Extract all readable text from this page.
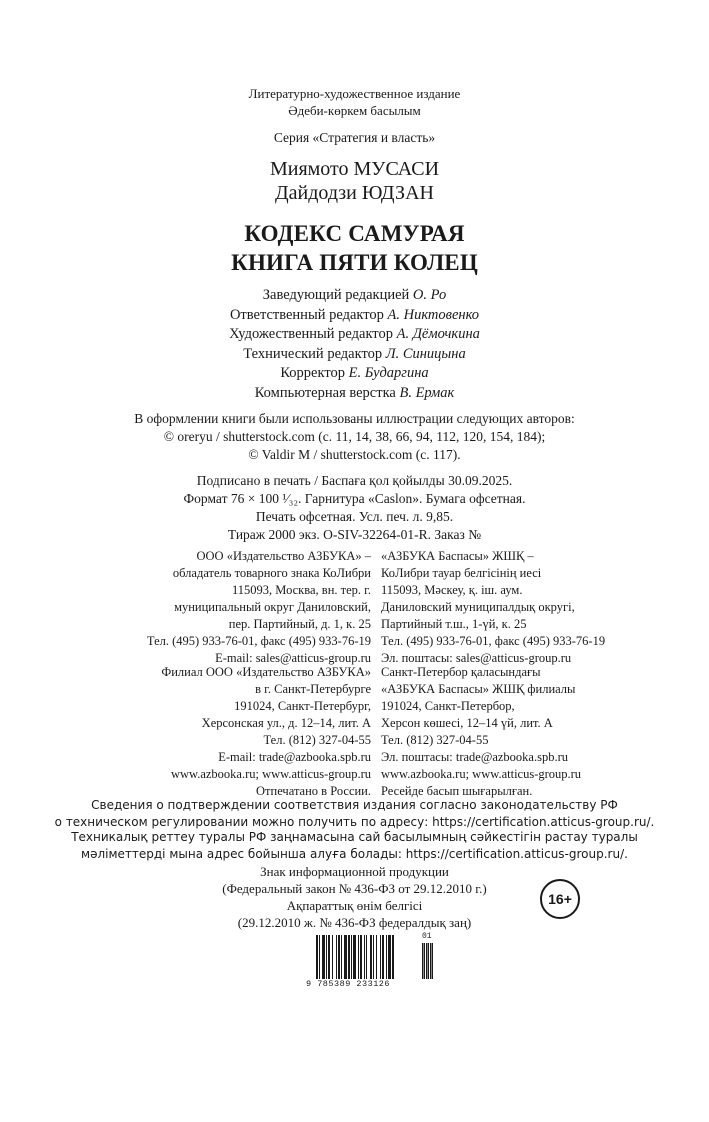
Литературно-художественное издание
Әдеби-көркем басылым
Серия «Стратегия и власть»
Миямото МУСАСИ
Дайдодзи ЮДЗАН
КОДЕКС САМУРАЯ
КНИГА ПЯТИ КОЛЕЦ
Заведующий редакцией О. Ро
Ответственный редактор А. Никтовенко
Художественный редактор А. Дёмочкина
Технический редактор Л. Синицына
Корректор Е. Бударгина
Компьютерная верстка В. Ермак
В оформлении книги были использованы иллюстрации следующих авторов:
© oreryu / shutterstock.com (с. 11, 14, 38, 66, 94, 112, 120, 154, 184);
© Valdir M / shutterstock.com (с. 117).
Подписано в печать / Баспаға қол қойылды 30.09.2025.
Формат 76 × 100 ¹⁄₃₂. Гарнитура «Caslon». Бумага офсетная.
Печать офсетная. Усл. печ. л. 9,85.
Тираж 2000 экз. O-SIV-32264-01-R. Заказ №
ООО «Издательство АЗБУКА» –
обладатель товарного знака КоЛибри
115093, Москва, вн. тер. г.
муниципальный округ Даниловский,
пер. Партийный, д. 1, к. 25
Тел. (495) 933-76-01, факс (495) 933-76-19
E-mail: sales@atticus-group.ru
«АЗБУКА Баспасы» ЖШҚ –
КоЛибри тауар белгісінің иесі
115093, Мәскеу, қ. іш. аум.
Даниловский муниципалдық округі,
Партийный т.ш., 1-үй, к. 25
Тел. (495) 933-76-01, факс (495) 933-76-19
Эл. поштасы: sales@atticus-group.ru
Филиал ООО «Издательство АЗБУКА»
в г. Санкт-Петербурге
191024, Санкт-Петербург,
Херсонская ул., д. 12–14, лит. А
Тел. (812) 327-04-55
E-mail: trade@azbooka.spb.ru
www.azbooka.ru; www.atticus-group.ru
Отпечатано в России.
Санкт-Петербор қаласындағы
«АЗБУКА Баспасы» ЖШҚ филиалы
191024, Санкт-Петербор,
Херсон көшесі, 12–14 үй, лит. А
Тел. (812) 327-04-55
Эл. поштасы: trade@azbooka.spb.ru
www.azbooka.ru; www.atticus-group.ru
Ресейде басып шығарылған.
Сведения о подтверждении соответствия издания согласно законодательству РФ
о техническом регулировании можно получить по адресу: https://certification.atticus-group.ru/.
Техникалық реттеу туралы РФ заңнамасына сай басылымның сәйкестігін растау туралы
мәліметтерді мына адрес бойынша алуға болады: https://certification.atticus-group.ru/.
Знак информационной продукции
(Федеральный закон № 436-ФЗ от 29.12.2010 г.)
Ақпараттық өнім белгісі
(29.12.2010 ж. № 436-ФЗ федералдық заң)
16+
9 785389 233126
01
